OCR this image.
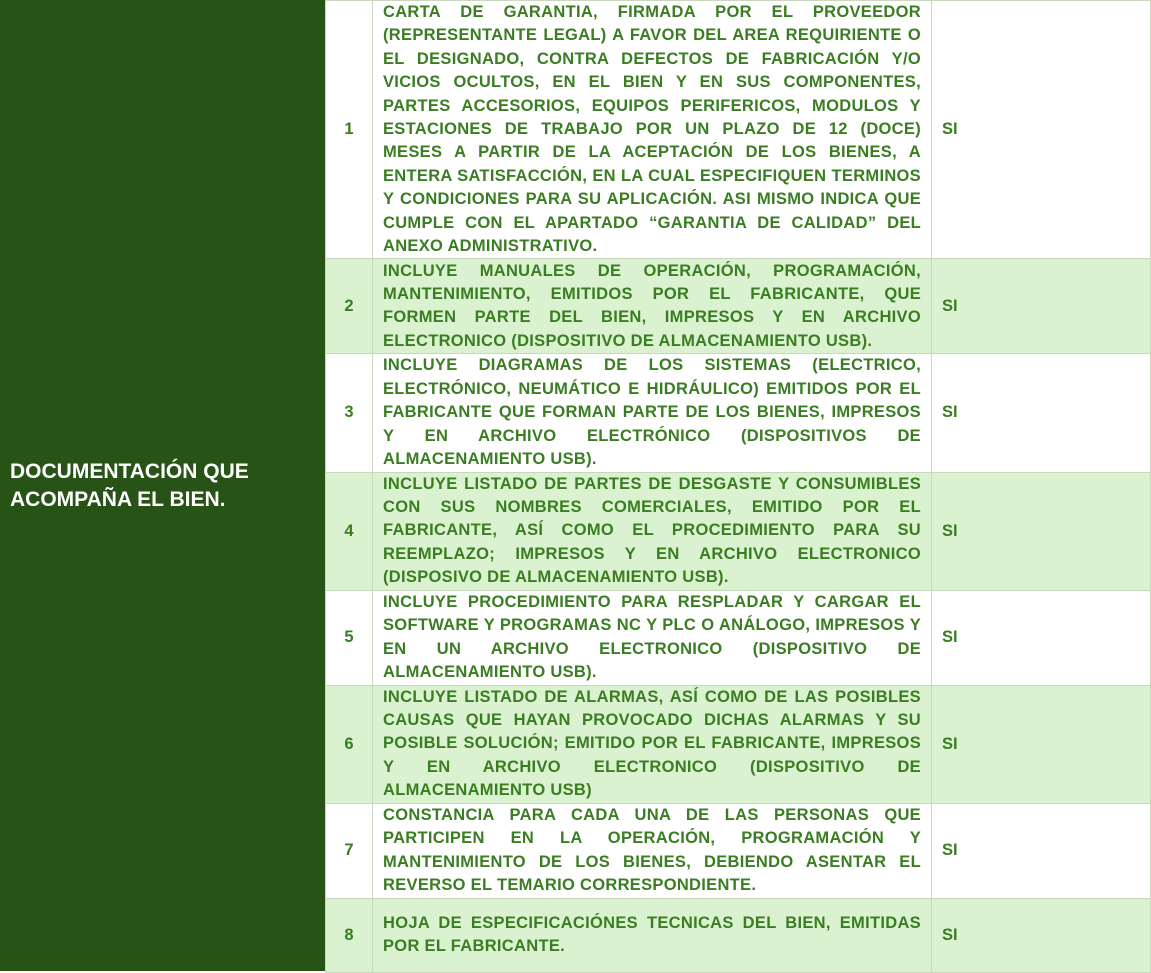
DOCUMENTACIÓN QUE ACOMPAÑA EL BIEN.
1	CARTA DE GARANTIA, FIRMADA POR EL PROVEEDOR (REPRESENTANTE LEGAL) A FAVOR DEL AREA REQUIRIENTE O EL DESIGNADO, CONTRA DEFECTOS DE FABRICACIÓN Y/O VICIOS OCULTOS, EN EL BIEN Y EN SUS COMPONENTES, PARTES ACCESORIOS, EQUIPOS PERIFERICOS, MODULOS Y ESTACIONES DE TRABAJO POR UN PLAZO DE 12 (DOCE) MESES A PARTIR DE LA ACEPTACIÓN DE LOS BIENES, A ENTERA SATISFACCIÓN, EN LA CUAL ESPECIFIQUEN TERMINOS Y CONDICIONES PARA SU APLICACIÓN. ASI MISMO INDICA QUE CUMPLE CON EL APARTADO “GARANTIA DE CALIDAD” DEL ANEXO ADMINISTRATIVO.	SI
2	INCLUYE MANUALES DE OPERACIÓN, PROGRAMACIÓN, MANTENIMIENTO, EMITIDOS POR EL FABRICANTE, QUE FORMEN PARTE DEL BIEN, IMPRESOS Y EN ARCHIVO ELECTRONICO (DISPOSITIVO DE ALMACENAMIENTO USB).	SI
3	INCLUYE DIAGRAMAS DE LOS SISTEMAS (ELECTRICO, ELECTRÓNICO, NEUMÁTICO E HIDRÁULICO) EMITIDOS POR EL FABRICANTE QUE FORMAN PARTE DE LOS BIENES, IMPRESOS Y EN ARCHIVO ELECTRÓNICO (DISPOSITIVOS DE ALMACENAMIENTO USB).	SI
4	INCLUYE LISTADO DE PARTES DE DESGASTE Y CONSUMIBLES CON SUS NOMBRES COMERCIALES, EMITIDO POR EL FABRICANTE, ASÍ COMO EL PROCEDIMIENTO PARA SU REEMPLAZO; IMPRESOS Y EN ARCHIVO ELECTRONICO (DISPOSIVO DE ALMACENAMIENTO USB).	SI
5	INCLUYE PROCEDIMIENTO PARA RESPLADAR Y CARGAR EL SOFTWARE Y PROGRAMAS NC Y PLC O ANÁLOGO, IMPRESOS Y EN UN ARCHIVO ELECTRONICO (DISPOSITIVO DE ALMACENAMIENTO USB).	SI
6	INCLUYE LISTADO DE ALARMAS, ASÍ COMO DE LAS POSIBLES CAUSAS QUE HAYAN PROVOCADO DICHAS ALARMAS Y SU POSIBLE SOLUCIÓN; EMITIDO POR EL FABRICANTE, IMPRESOS Y EN ARCHIVO ELECTRONICO (DISPOSITIVO DE ALMACENAMIENTO USB)	SI
7	CONSTANCIA PARA CADA UNA DE LAS PERSONAS QUE PARTICIPEN EN LA OPERACIÓN, PROGRAMACIÓN Y MANTENIMIENTO DE LOS BIENES, DEBIENDO ASENTAR EL REVERSO EL TEMARIO CORRESPONDIENTE.	SI
8	HOJA DE ESPECIFICACIÓNES TECNICAS DEL BIEN, EMITIDAS POR EL FABRICANTE.	SI
